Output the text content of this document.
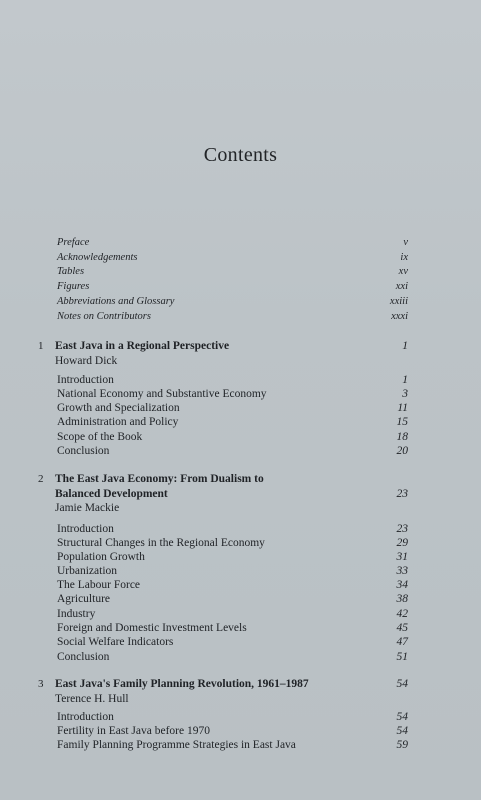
Contents
Preface	v
Acknowledgements	ix
Tables	xv
Figures	xxi
Abbreviations and Glossary	xxiii
Notes on Contributors	xxxi
1 East Java in a Regional Perspective	1
Howard Dick
Introduction	1
National Economy and Substantive Economy	3
Growth and Specialization	11
Administration and Policy	15
Scope of the Book	18
Conclusion	20
2 The East Java Economy: From Dualism to
Balanced Development	23
Jamie Mackie
Introduction	23
Structural Changes in the Regional Economy	29
Population Growth	31
Urbanization	33
The Labour Force	34
Agriculture	38
Industry	42
Foreign and Domestic Investment Levels	45
Social Welfare Indicators	47
Conclusion	51
3 East Java's Family Planning Revolution, 1961–1987	54
Terence H. Hull
Introduction	54
Fertility in East Java before 1970	54
Family Planning Programme Strategies in East Java	59
